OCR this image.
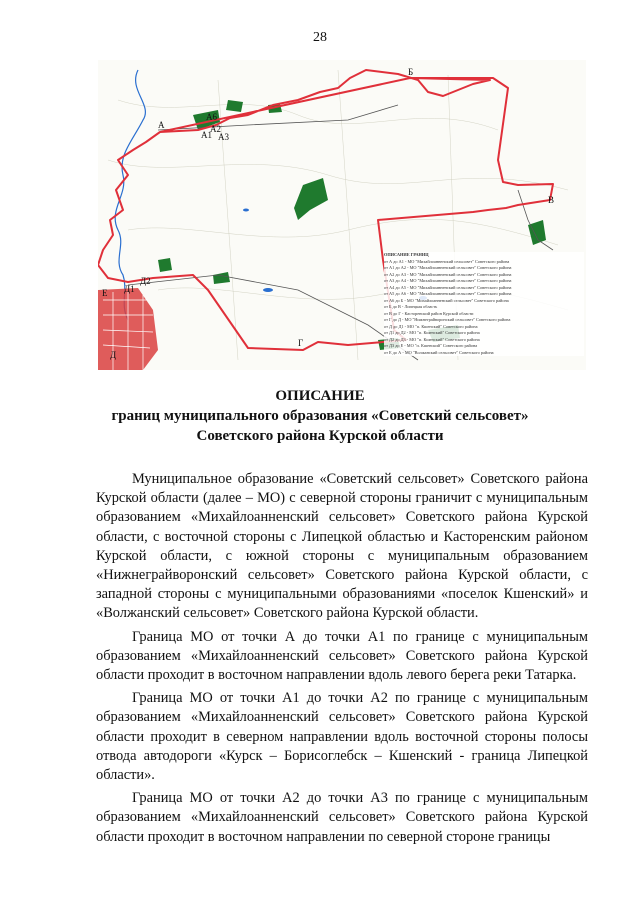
28
А
А1
А2
А3
А6
Б
В
Г
Д
Д1
Д2
Е
ОПИСАНИЕ ГРАНИЦ
от А до А1 - МО "Михайлоанненский сельсовет" Советского района
от А1 до А2 - МО "Михайлоанненский сельсовет" Советского района
от А2 до А3 - МО "Михайлоанненский сельсовет" Советского района
от А3 до А4 - МО "Михайлоанненский сельсовет" Советского района
от А4 до А5 - МО "Михайлоанненский сельсовет" Советского района
от А5 до А6 - МО "Михайлоанненский сельсовет" Советского района
от А6 до Б - МО "Михайлоанненский сельсовет" Советского района
от Б до В - Липецкая область
от В до Г - Касторенский район Курской области
от Г до Д - МО "Нижнеграйворонский сельсовет" Советского района
от Д до Д1 - МО "п. Кшенский" Советского района
от Д1 до Д2 - МО "п. Кшенский" Советского района
от Д2 до Д3 - МО "п. Кшенский" Советского района
от Д3 до Е - МО "п. Кшенский" Советского района
от Е до А - МО "Волжанский сельсовет" Советского района
ОПИСАНИЕ
границ муниципального образования «Советский сельсовет»
Советского района Курской области

Муниципальное образование «Советский сельсовет» Советского района Курской области (далее – МО) с северной стороны граничит с муниципальным образованием «Михайлоанненский сельсовет» Советского района Курской области, с восточной стороны с Липецкой областью и Касторенским районом Курской области, с южной стороны с муниципальным образованием «Нижнеграйворонский сельсовет» Советского района Курской области, с западной стороны с муниципальными образованиями «поселок Кшенский» и «Волжанский сельсовет» Советского района Курской области.

Граница МО от точки А до точки А1 по границе с муниципальным образованием «Михайлоанненский сельсовет» Советского района Курской области проходит в восточном направлении вдоль левого берега реки Татарка.

Граница МО от точки А1 до точки А2 по границе с муниципальным образованием «Михайлоанненский сельсовет» Советского района Курской области проходит в северном направлении вдоль восточной стороны полосы отвода автодороги «Курск – Борисоглебск – Кшенский - граница Липецкой области».

Граница МО от точки А2 до точки А3 по границе с муниципальным образованием «Михайлоанненский сельсовет» Советского района Курской области проходит в восточном направлении по северной стороне границы
